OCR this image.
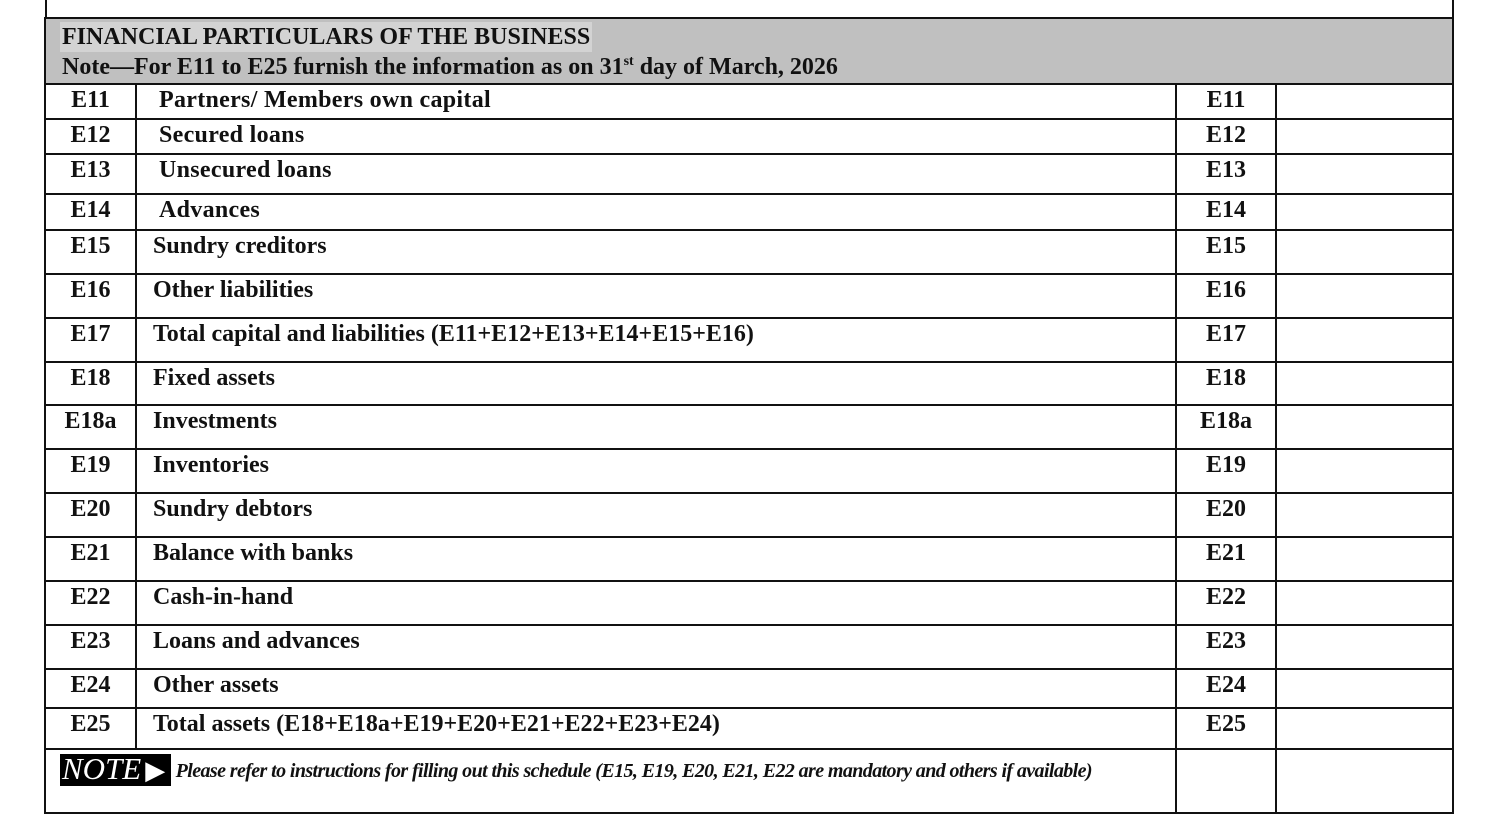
FINANCIAL PARTICULARS OF THE BUSINESS
Note—For E11 to E25 furnish the information as on 31st day of March, 2026			

E11	Partners/ Members own capital	E11	
E12	Secured loans	E12	
E13	Unsecured loans	E13	
E14	Advances	E14	
E15	Sundry creditors	E15	
E16	Other liabilities	E16	
E17	Total capital and liabilities (E11+E12+E13+E14+E15+E16)	E17	
E18	Fixed assets	E18	
E18a	Investments	E18a	
E19	Inventories	E19	
E20	Sundry debtors	E20	
E21	Balance with banks	E21	
E22	Cash-in-hand	E22	
E23	Loans and advances	E23	
E24	Other assets	E24	
E25	Total assets (E18+E18a+E19+E20+E21+E22+E23+E24)	E25	
NOTE ▶ Please refer to instructions for filling out this schedule (E15, E19, E20, E21, E22 are mandatory and others if available)			
